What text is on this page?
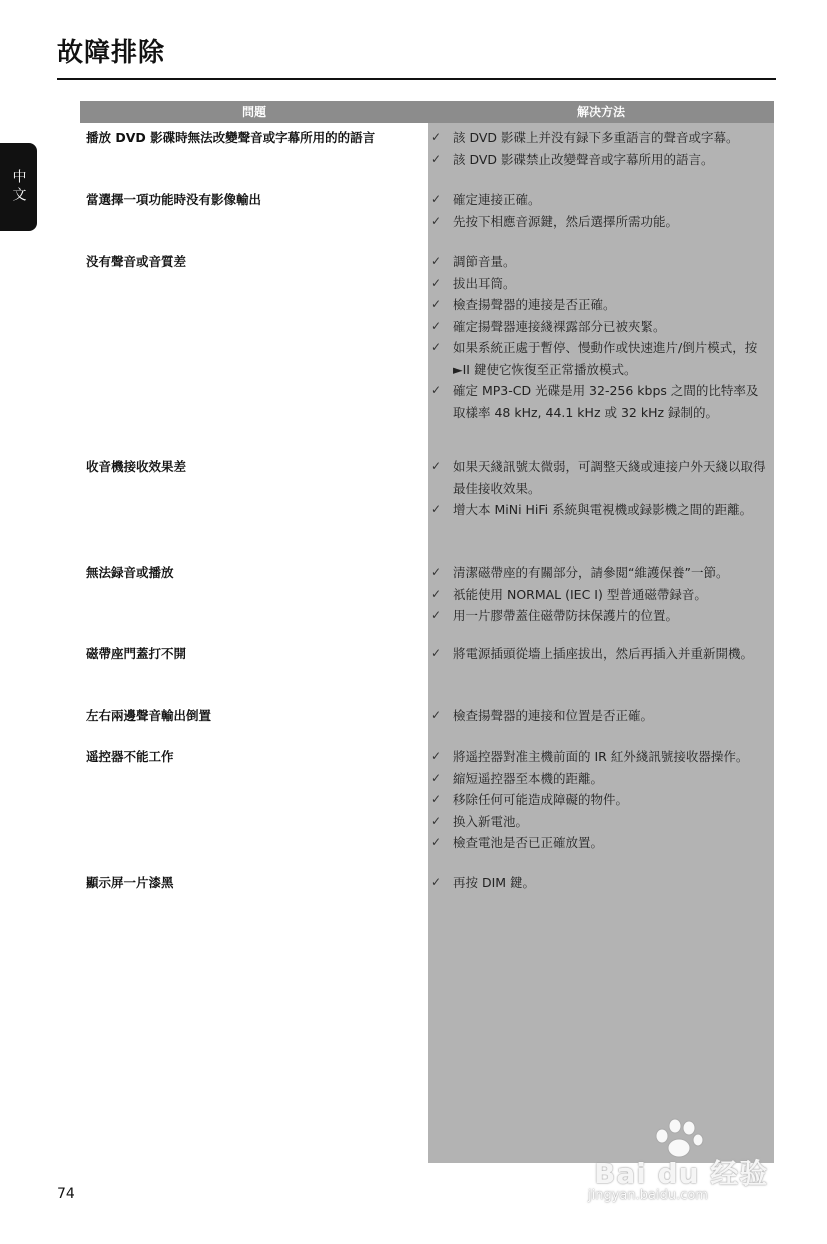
故障排除
中文
問題	解决方法
播放 DVD 影碟時無法改變聲音或字幕所用的的語言	✓ 該 DVD 影碟上并没有録下多重語言的聲音或字幕。
✓ 該 DVD 影碟禁止改變聲音或字幕所用的語言。
當選擇一項功能時没有影像輸出	✓ 確定連接正確。
✓ 先按下相應音源鍵，然后選擇所需功能。
没有聲音或音質差	✓ 調節音量。
✓ 拔出耳筒。
✓ 檢查揚聲器的連接是否正確。
✓ 確定揚聲器連接綫裸露部分已被夾緊。
✓ 如果系統正處于暫停、慢動作或快速進片/倒片模式，按 ►II 鍵使它恢復至正常播放模式。
✓ 確定 MP3-CD 光碟是用 32-256 kbps 之間的比特率及取樣率 48 kHz, 44.1 kHz 或 32 kHz 録制的。
收音機接收效果差	✓ 如果天綫訊號太微弱，可調整天綫或連接户外天綫以取得最佳接收效果。
✓ 增大本 MiNi HiFi 系統與電視機或録影機之間的距離。
無法録音或播放	✓ 清潔磁帶座的有關部分，請參閲“維護保養”一節。
✓ 祇能使用 NORMAL (IEC I) 型普通磁帶録音。
✓ 用一片膠帶蓋住磁帶防抹保護片的位置。
磁帶座門蓋打不開	✓ 將電源插頭從墻上插座拔出，然后再插入并重新開機。
左右兩邊聲音輸出倒置	✓ 檢查揚聲器的連接和位置是否正確。
遥控器不能工作	✓ 將遥控器對准主機前面的 IR 紅外綫訊號接收器操作。
✓ 縮短遥控器至本機的距離。
✓ 移除任何可能造成障礙的物件。
✓ 换入新電池。
✓ 檢查電池是否已正確放置。
顯示屏一片漆黑	✓ 再按 DIM 鍵。
74
Bai du 经验
jingyan.baidu.com
